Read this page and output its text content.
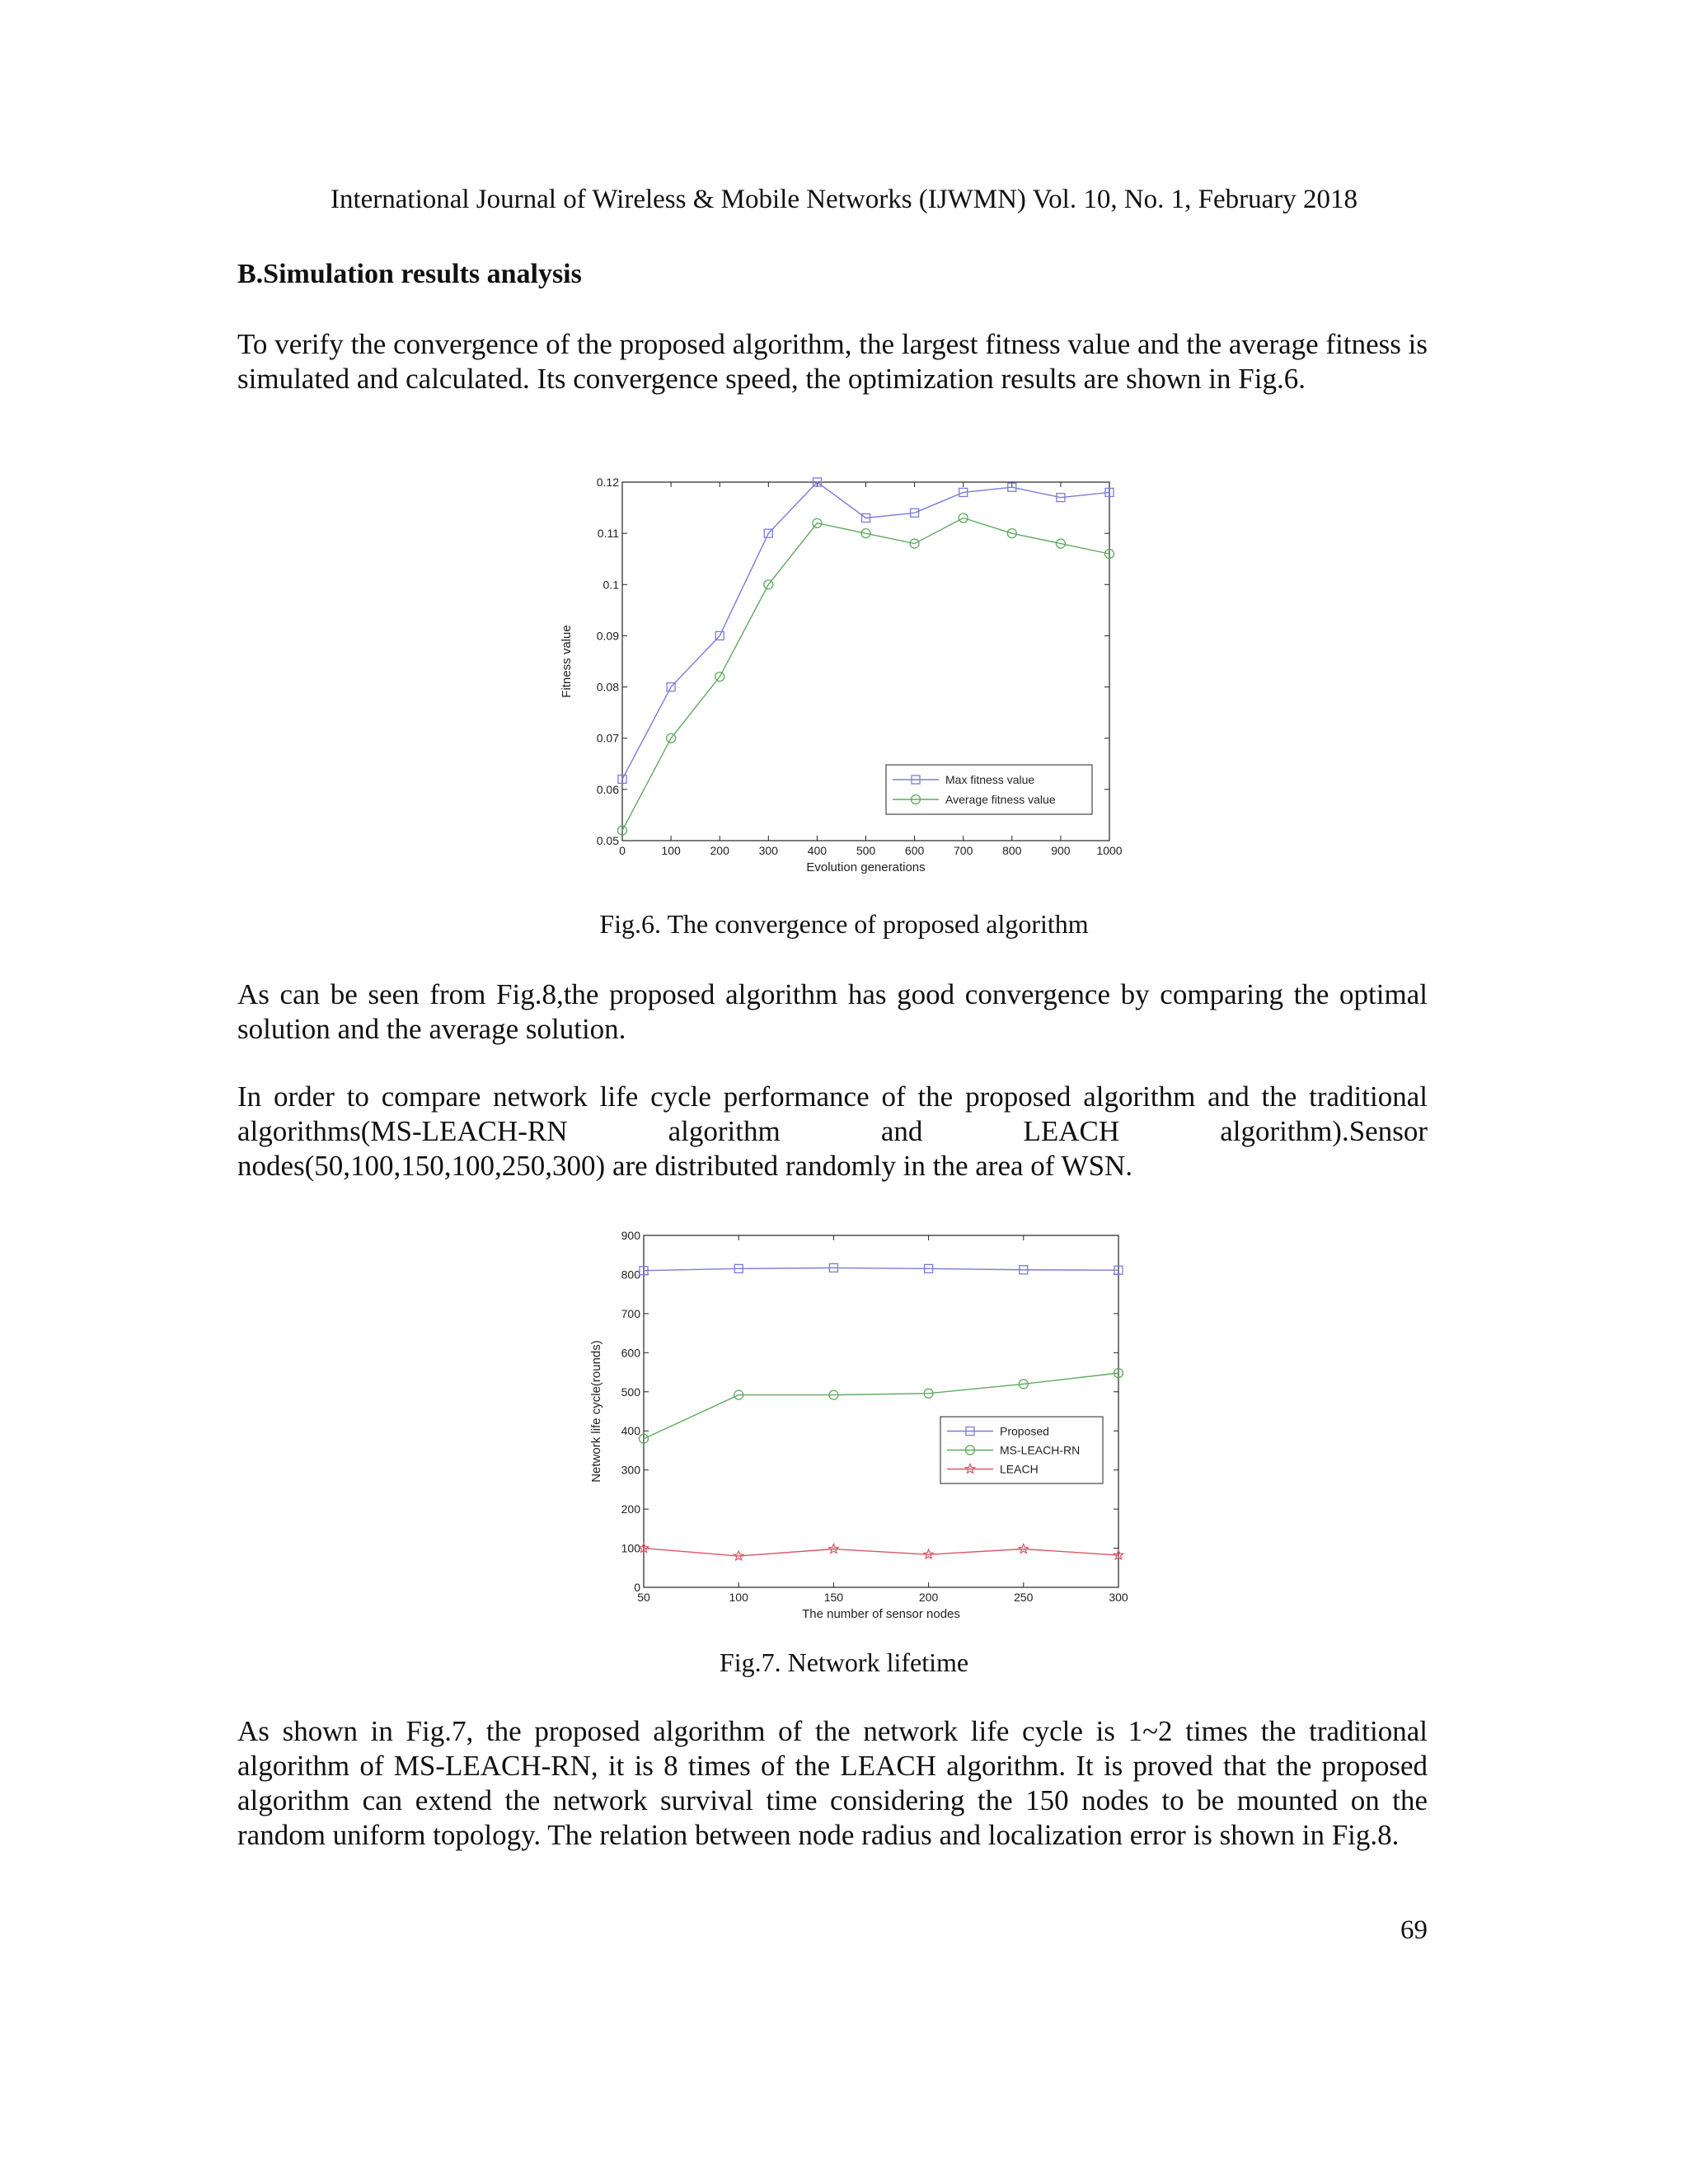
International Journal of Wireless & Mobile Networks (IJWMN) Vol. 10, No. 1, February 2018
B.Simulation results analysis

To verify the convergence of the proposed algorithm, the largest fitness value and the average fitness is simulated and calculated. Its convergence speed, the optimization results are shown in Fig.6.

0	100	200	300	400	500	600	700	800	900 1000
0.05
0.06
0.07
0.08
0.09
0.1
0.11
0.12
Evolution generations
Fitness value
Max fitness value
Average fitness value
Fig.6. The convergence of proposed algorithm

As can be seen from Fig.8,the proposed algorithm has good convergence by comparing the optimal solution and the average solution.

In order to compare network life cycle performance of the proposed algorithm and the traditional algorithms(MS-LEACH-RN algorithm and LEACH algorithm).Sensor nodes(50,100,150,100,250,300) are distributed randomly in the area of WSN.

50	100	150	200	250	300
0
100
200
300
400
500
600
700
800
900
The number of sensor nodes
Network life cycle(rounds)	Proposed
MS-LEACH-RN
LEACH
Fig.7. Network lifetime

As shown in Fig.7, the proposed algorithm of the network life cycle is 1~2 times the traditional algorithm of MS-LEACH-RN, it is 8 times of the LEACH algorithm. It is proved that the proposed algorithm can extend the network survival time considering the 150 nodes to be mounted on the random uniform topology. The relation between node radius and localization error is shown in Fig.8.

69
